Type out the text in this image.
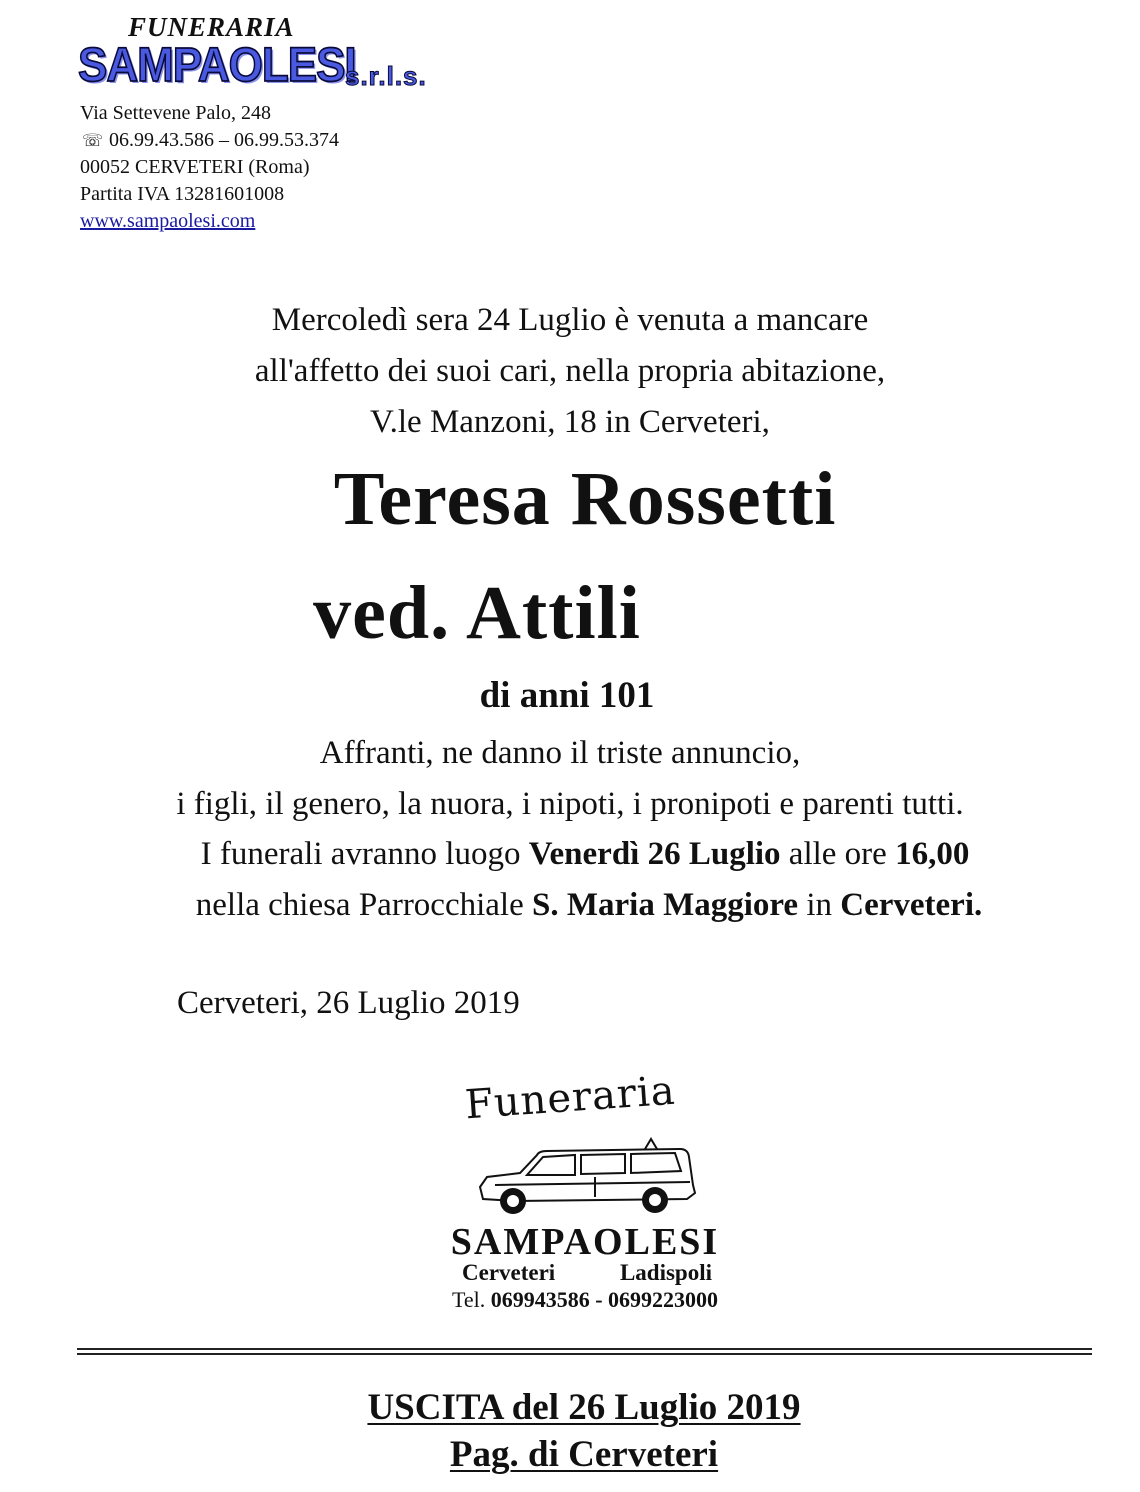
FUNERARIA
SAMPAOLESI
s.r.l.s.
Via Settevene Palo, 248
☏ 06.99.43.586 – 06.99.53.374
00052 CERVETERI (Roma)
Partita IVA 13281601008
www.sampaolesi.com
Mercoledì sera 24 Luglio è venuta a mancare
all'affetto dei suoi cari, nella propria abitazione,
V.le Manzoni, 18 in Cerveteri,
Teresa Rossetti
ved. Attili
di anni 101
Affranti, ne danno il triste annuncio,
i figli, il genero, la nuora, i nipoti, i pronipoti e parenti tutti.
I funerali avranno luogo Venerdì 26 Luglio alle ore 16,00
nella chiesa Parrocchiale S. Maria Maggiore in Cerveteri.
Cerveteri, 26 Luglio 2019
Funeraria
SAMPAOLESI
Cerveteri	Ladispoli
Tel. 069943586 - 0699223000
USCITA del 26 Luglio 2019
Pag. di Cerveteri
